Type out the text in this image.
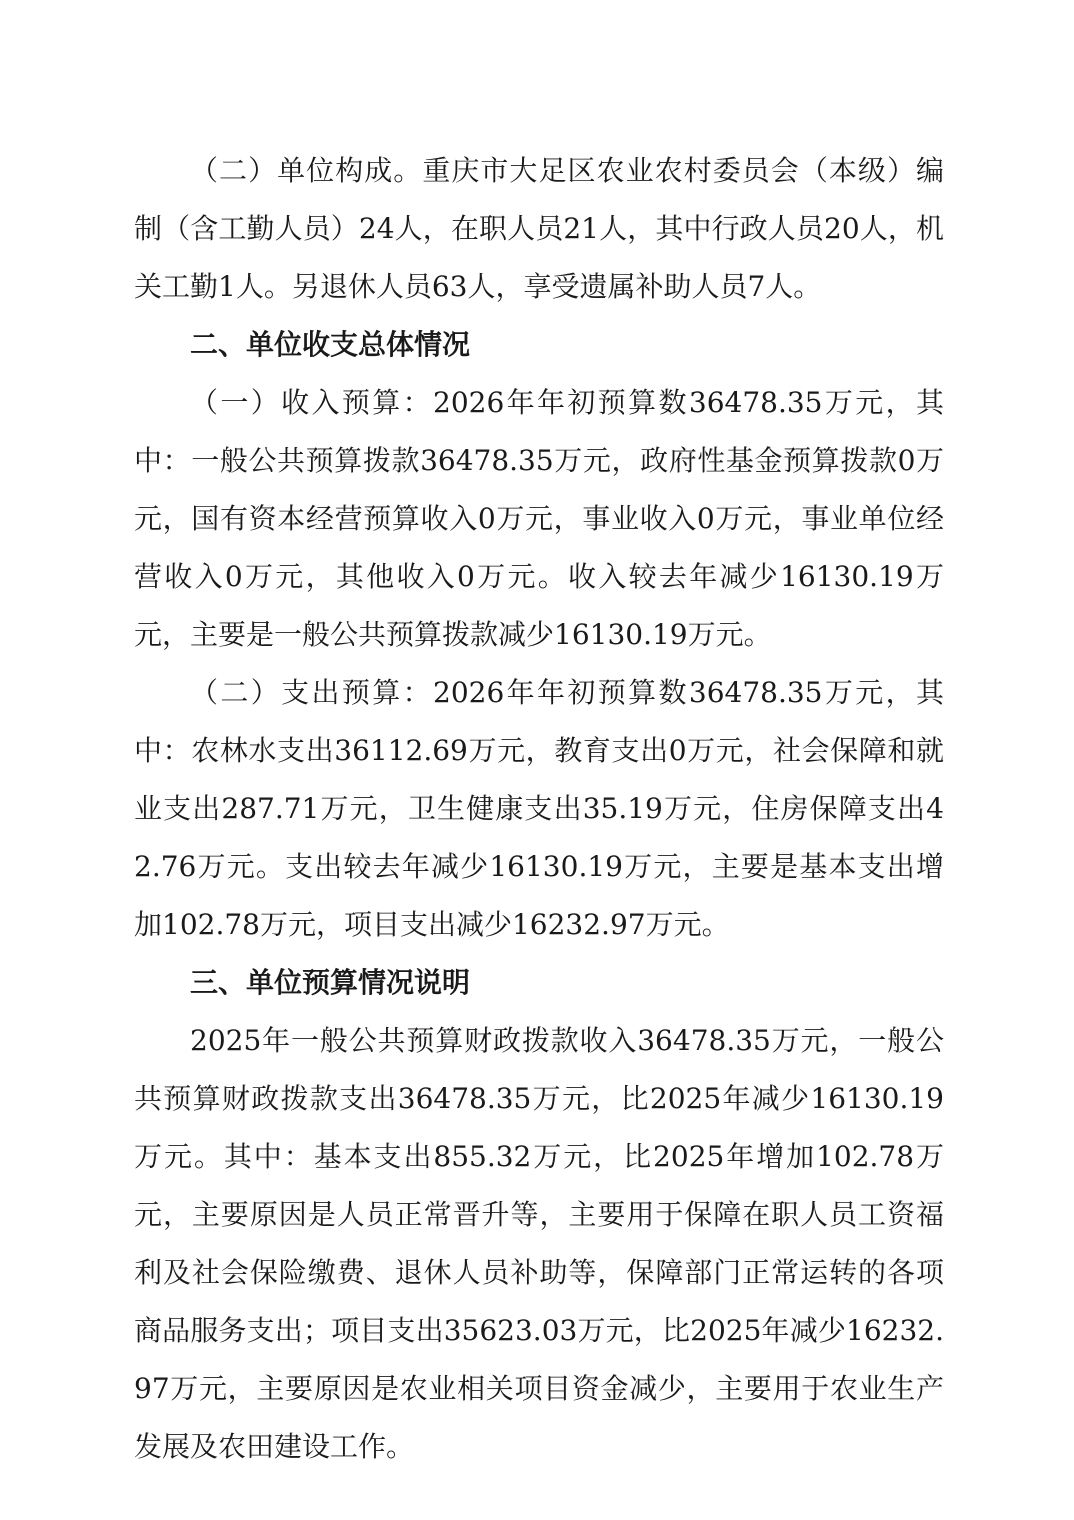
（二）单位构成。重庆市大足区农业农村委员会（本级）编制（含工勤人员）24人，在职人员21人，其中行政人员20人，机关工勤1人。另退休人员63人，享受遗属补助人员7人。

二、单位收支总体情况

（一）收入预算：2026年年初预算数36478.35万元，其中：一般公共预算拨款36478.35万元，政府性基金预算拨款0万元，国有资本经营预算收入0万元，事业收入0万元，事业单位经营收入0万元，其他收入0万元。收入较去年减少16130.19万元，主要是一般公共预算拨款减少16130.19万元。

（二）支出预算：2026年年初预算数36478.35万元，其中：农林水支出36112.69万元，教育支出0万元，社会保障和就业支出287.71万元，卫生健康支出35.19万元，住房保障支出42.76万元。支出较去年减少16130.19万元，主要是基本支出增加102.78万元，项目支出减少16232.97万元。

三、单位预算情况说明

2025年一般公共预算财政拨款收入36478.35万元，一般公共预算财政拨款支出36478.35万元，比2025年减少16130.19万元。其中：基本支出855.32万元，比2025年增加102.78万元，主要原因是人员正常晋升等，主要用于保障在职人员工资福利及社会保险缴费、退休人员补助等，保障部门正常运转的各项商品服务支出；项目支出35623.03万元，比2025年减少16232.97万元，主要原因是农业相关项目资金减少，主要用于农业生产发展及农田建设工作。
